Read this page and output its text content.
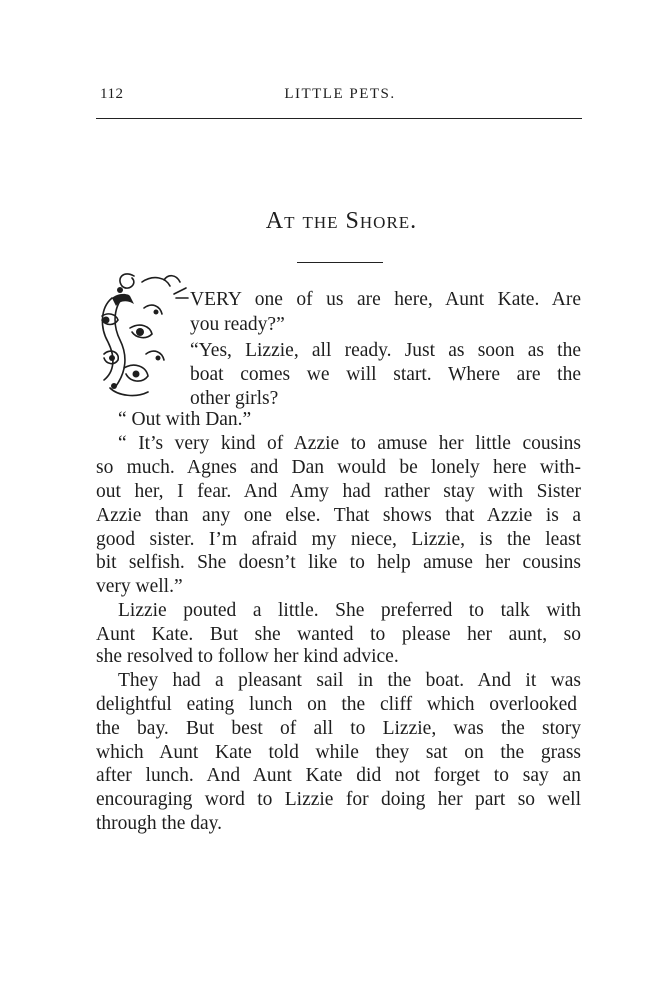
112	LITTLE PETS.
At the Shore.
VERY one of us are here, Aunt Kate. Are
you ready?”
“Yes, Lizzie, all ready. Just as soon as the
boat comes we will start. Where are the
other girls?
“ Out with Dan.”
“ It’s very kind of Azzie to amuse her little cousins
so much. Agnes and Dan would be lonely here with-
out her, I fear. And Amy had rather stay with Sister
Azzie than any one else. That shows that Azzie is a
good sister. I’m afraid my niece, Lizzie, is the least
bit selfish. She doesn’t like to help amuse her cousins
very well.”
Lizzie pouted a little. She preferred to talk with
Aunt Kate. But she wanted to please her aunt, so
she resolved to follow her kind advice.
They had a pleasant sail in the boat. And it was
delightful eating lunch on the cliff which overlooked
the bay. But best of all to Lizzie, was the story
which Aunt Kate told while they sat on the grass
after lunch. And Aunt Kate did not forget to say an
encouraging word to Lizzie for doing her part so well
through the day.
